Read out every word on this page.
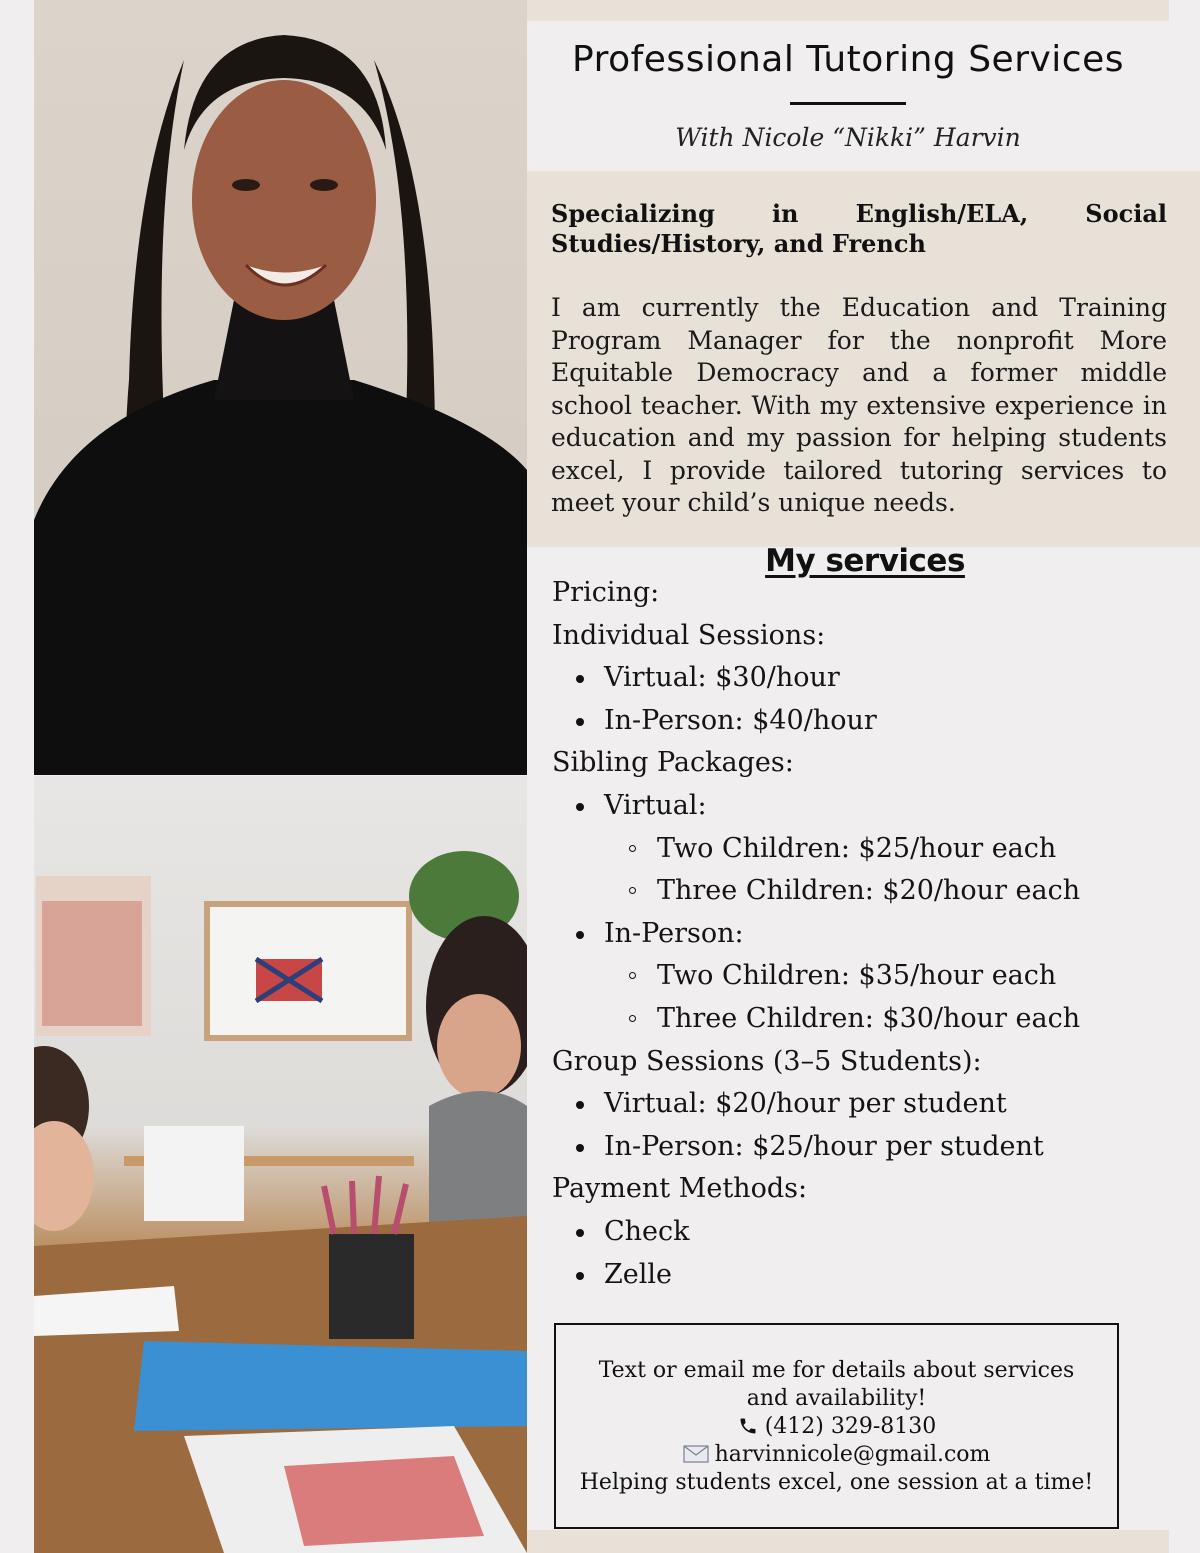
Professional Tutoring Services
With Nicole “Nikki” Harvin

Specializing in English/ELA, Social Studies/History, and French

I am currently the Education and Training Program Manager for the nonprofit More Equitable Democracy and a former middle school teacher. With my extensive experience in education and my passion for helping students excel, I provide tailored tutoring services to meet your child’s unique needs.

My services
Pricing:
Individual Sessions:
Virtual: $30/hour
In-Person: $40/hour
Sibling Packages:
Virtual:
Two Children: $25/hour each
Three Children: $20/hour each
In-Person:
Two Children: $35/hour each
Three Children: $30/hour each
Group Sessions (3–5 Students):
Virtual: $20/hour per student
In-Person: $25/hour per student
Payment Methods:
Check
Zelle
Text or email me for details about services
and availability!
(412) 329-8130
harvinnicole@gmail.com
Helping students excel, one session at a time!
